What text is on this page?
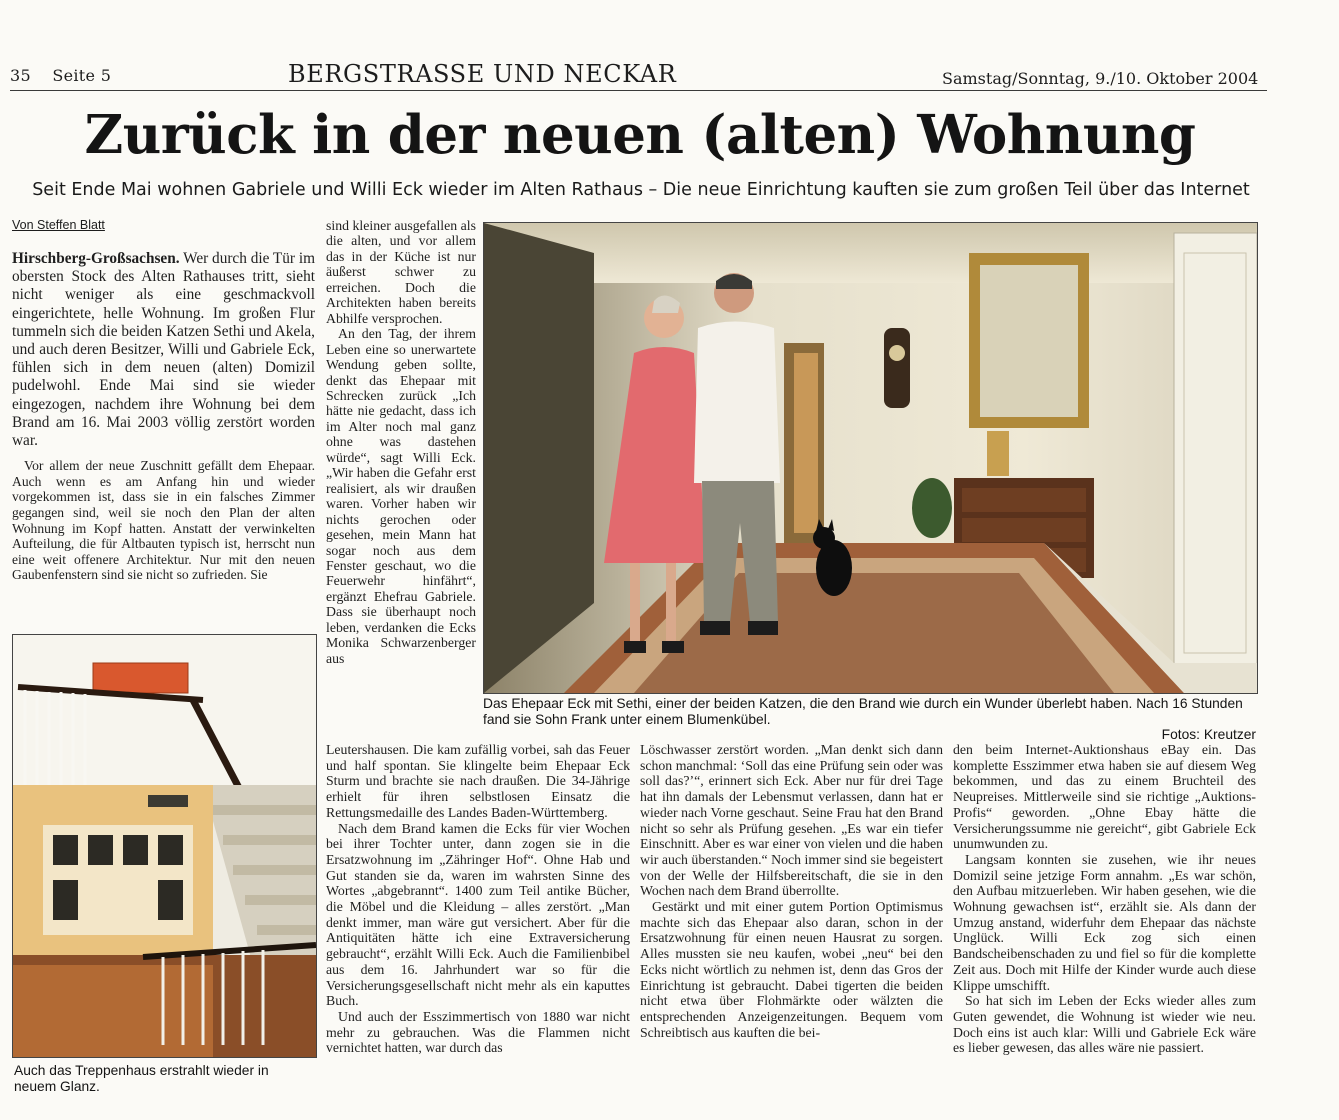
35 Seite 5	BERGSTRASSE UND NECKAR	Samstag/Sonntag, 9./10. Oktober 2004
Zurück in der neuen (alten) Wohnung
Seit Ende Mai wohnen Gabriele und Willi Eck wieder im Alten Rathaus – Die neue Einrichtung kauften sie zum großen Teil über das Internet
Von Steffen Blatt

Hirschberg-Großsachsen. Wer durch die Tür im obersten Stock des Alten Rathauses tritt, sieht nicht weniger als eine geschmackvoll eingerichtete, helle Wohnung. Im großen Flur tummeln sich die beiden Katzen Sethi und Akela, und auch deren Besitzer, Willi und Gabriele Eck, fühlen sich in dem neuen (alten) Domizil pudelwohl. Ende Mai sind sie wieder eingezogen, nachdem ihre Wohnung bei dem Brand am 16. Mai 2003 völlig zerstört worden war.

Vor allem der neue Zuschnitt gefällt dem Ehepaar. Auch wenn es am Anfang hin und wieder vorgekommen ist, dass sie in ein falsches Zimmer gegangen sind, weil sie noch den Plan der alten Wohnung im Kopf hatten. Anstatt der verwinkelten Aufteilung, die für Altbauten typisch ist, herrscht nun eine weit offenere Architektur. Nur mit den neuen Gaubenfenstern sind sie nicht so zufrieden. Sie

sind kleiner ausgefallen als die alten, und vor allem das in der Küche ist nur äußerst schwer zu erreichen. Doch die Architekten haben bereits Abhilfe versprochen.

An den Tag, der ihrem Leben eine so unerwartete Wendung geben sollte, denkt das Ehepaar mit Schrecken zurück „Ich hätte nie gedacht, dass ich im Alter noch mal ganz ohne was dastehen würde“, sagt Willi Eck. „Wir haben die Gefahr erst realisiert, als wir draußen waren. Vorher haben wir nichts gerochen oder gesehen, mein Mann hat sogar noch aus dem Fenster geschaut, wo die Feuerwehr hinfährt“, ergänzt Ehefrau Gabriele. Dass sie überhaupt noch leben, verdanken die Ecks Monika Schwarzenberger aus

Das Ehepaar Eck mit Sethi, einer der beiden Katzen, die den Brand wie durch ein Wunder überlebt haben. Nach 16 Stunden fand sie Sohn Frank unter einem Blumenkübel.
Fotos: Kreutzer
Auch das Treppenhaus erstrahlt wieder in neuem Glanz.

Leutershausen. Die kam zufällig vorbei, sah das Feuer und half spontan. Sie klingelte beim Ehepaar Eck Sturm und brachte sie nach draußen. Die 34-Jährige erhielt für ihren selbstlosen Einsatz die Rettungsmedaille des Landes Baden-Württemberg.

Nach dem Brand kamen die Ecks für vier Wochen bei ihrer Tochter unter, dann zogen sie in die Ersatzwohnung im „Zähringer Hof“. Ohne Hab und Gut standen sie da, waren im wahrsten Sinne des Wortes „abgebrannt“. 1400 zum Teil antike Bücher, die Möbel und die Kleidung – alles zerstört. „Man denkt immer, man wäre gut versichert. Aber für die Antiquitäten hätte ich eine Extraversicherung gebraucht“, erzählt Willi Eck. Auch die Familienbibel aus dem 16. Jahrhundert war so für die Versicherungsgesellschaft nicht mehr als ein kaputtes Buch.

Und auch der Esszimmertisch von 1880 war nicht mehr zu gebrauchen. Was die Flammen nicht vernichtet hatten, war durch das

Löschwasser zerstört worden. „Man denkt sich dann schon manchmal: ‘Soll das eine Prüfung sein oder was soll das?’“, erinnert sich Eck. Aber nur für drei Tage hat ihn damals der Lebensmut verlassen, dann hat er wieder nach Vorne geschaut. Seine Frau hat den Brand nicht so sehr als Prüfung gesehen. „Es war ein tiefer Einschnitt. Aber es war einer von vielen und die haben wir auch überstanden.“ Noch immer sind sie begeistert von der Welle der Hilfsbereitschaft, die sie in den Wochen nach dem Brand überrollte.

Gestärkt und mit einer gutem Portion Optimismus machte sich das Ehepaar also daran, schon in der Ersatzwohnung für einen neuen Hausrat zu sorgen. Alles mussten sie neu kaufen, wobei „neu“ bei den Ecks nicht wörtlich zu nehmen ist, denn das Gros der Einrichtung ist gebraucht. Dabei tigerten die beiden nicht etwa über Flohmärkte oder wälzten die entsprechenden Anzeigenzeitungen. Bequem vom Schreibtisch aus kauften die bei-

den beim Internet-Auktionshaus eBay ein. Das komplette Esszimmer etwa haben sie auf diesem Weg bekommen, und das zu einem Bruchteil des Neupreises. Mittlerweile sind sie richtige „Auktions-Profis“ geworden. „Ohne Ebay hätte die Versicherungssumme nie gereicht“, gibt Gabriele Eck unumwunden zu.

Langsam konnten sie zusehen, wie ihr neues Domizil seine jetzige Form annahm. „Es war schön, den Aufbau mitzuerleben. Wir haben gesehen, wie die Wohnung gewachsen ist“, erzählt sie. Als dann der Umzug anstand, widerfuhr dem Ehepaar das nächste Unglück. Willi Eck zog sich einen Bandscheibenschaden zu und fiel so für die komplette Zeit aus. Doch mit Hilfe der Kinder wurde auch diese Klippe umschifft.

So hat sich im Leben der Ecks wieder alles zum Guten gewendet, die Wohnung ist wieder wie neu. Doch eins ist auch klar: Willi und Gabriele Eck wäre es lieber gewesen, das alles wäre nie passiert.
